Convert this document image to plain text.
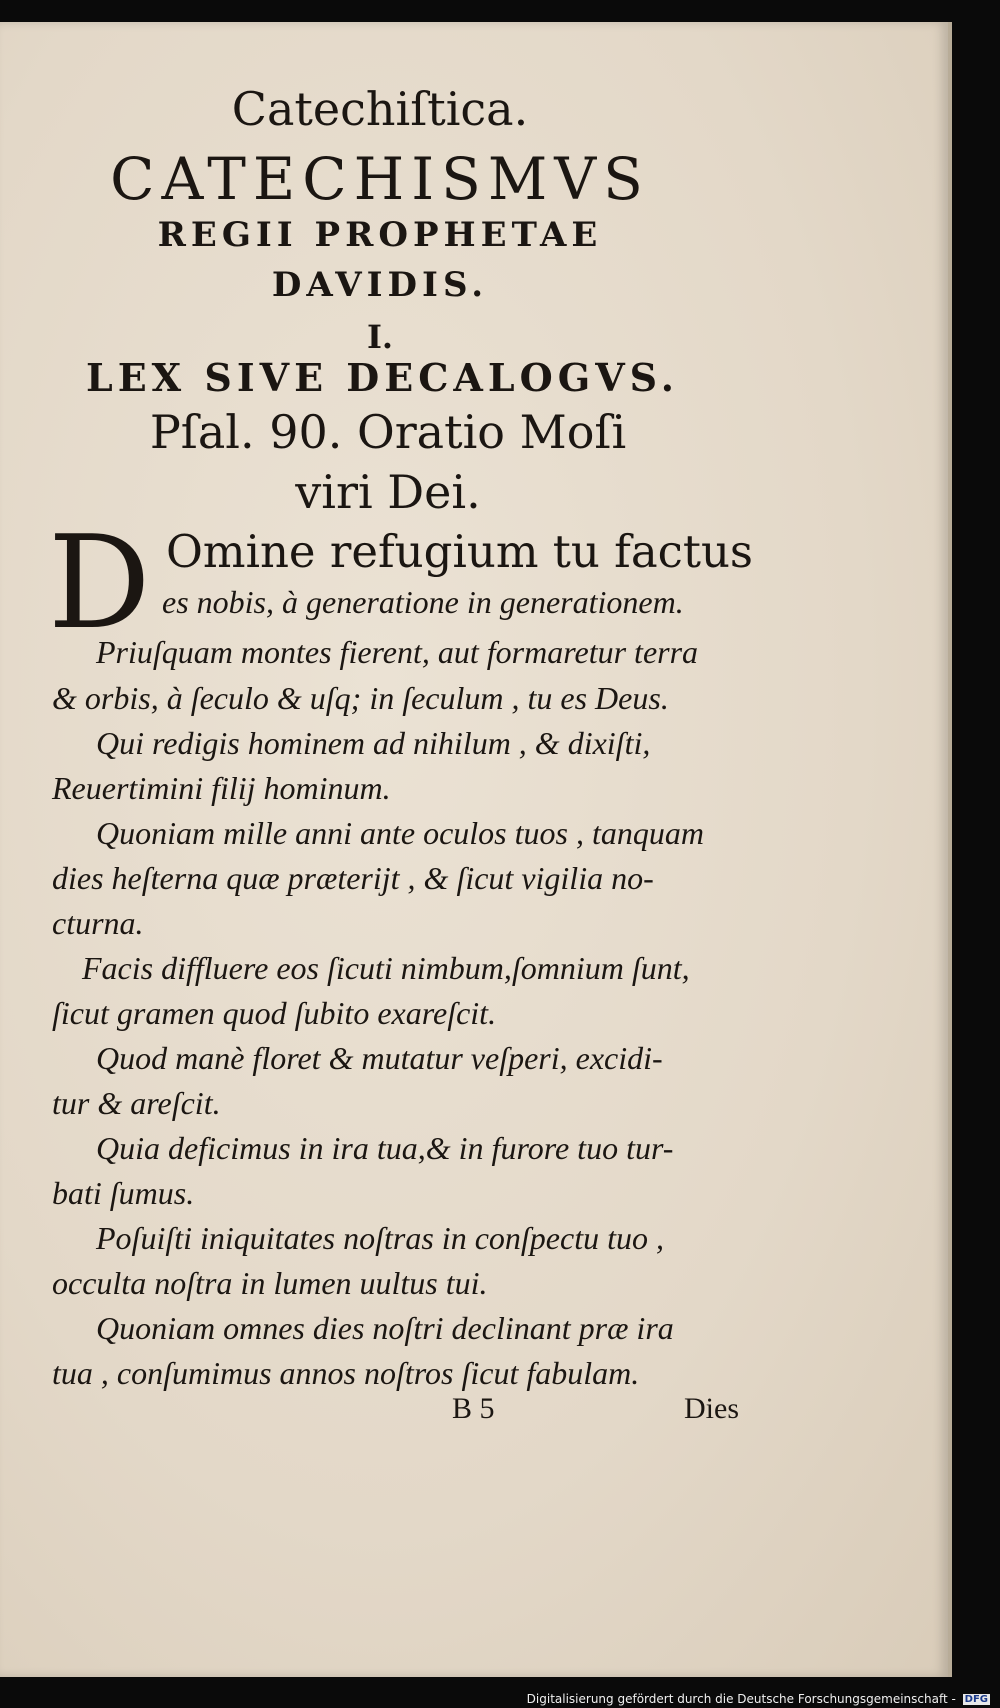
Catechiſtica.

CATECHISMVS

REGII PROPHETAE

DAVIDIS.

I.

LEX SIVE DECALOGVS.

Pſal. 90. Oratio Moſi

viri Dei.

D Omine refugium tu factus

es nobis, à generatione in generationem.

Priuſquam montes fierent, aut formaretur terra

& orbis, à ſeculo & uſq; in ſeculum , tu es Deus.

Qui redigis hominem ad nihilum , & dixiſti,

Reuertimini filij hominum.

Quoniam mille anni ante oculos tuos , tanquam

dies heſterna quæ præterijt , & ſicut vigilia no-

cturna.

Facis diffluere eos ſicuti nimbum,ſomnium ſunt,

ſicut gramen quod ſubito exareſcit.

Quod manè floret & mutatur veſperi, excidi-

tur & areſcit.

Quia deficimus in ira tua,& in furore tuo tur-

bati ſumus.

Poſuiſti iniquitates noſtras in conſpectu tuo ,

occulta noſtra in lumen uultus tui.

Quoniam omnes dies noſtri declinant præ ira

tua , conſumimus annos noſtros ſicut fabulam.

B 5	Dies

Digitalisierung gefördert durch die Deutsche Forschungsgemeinschaft - DFG
